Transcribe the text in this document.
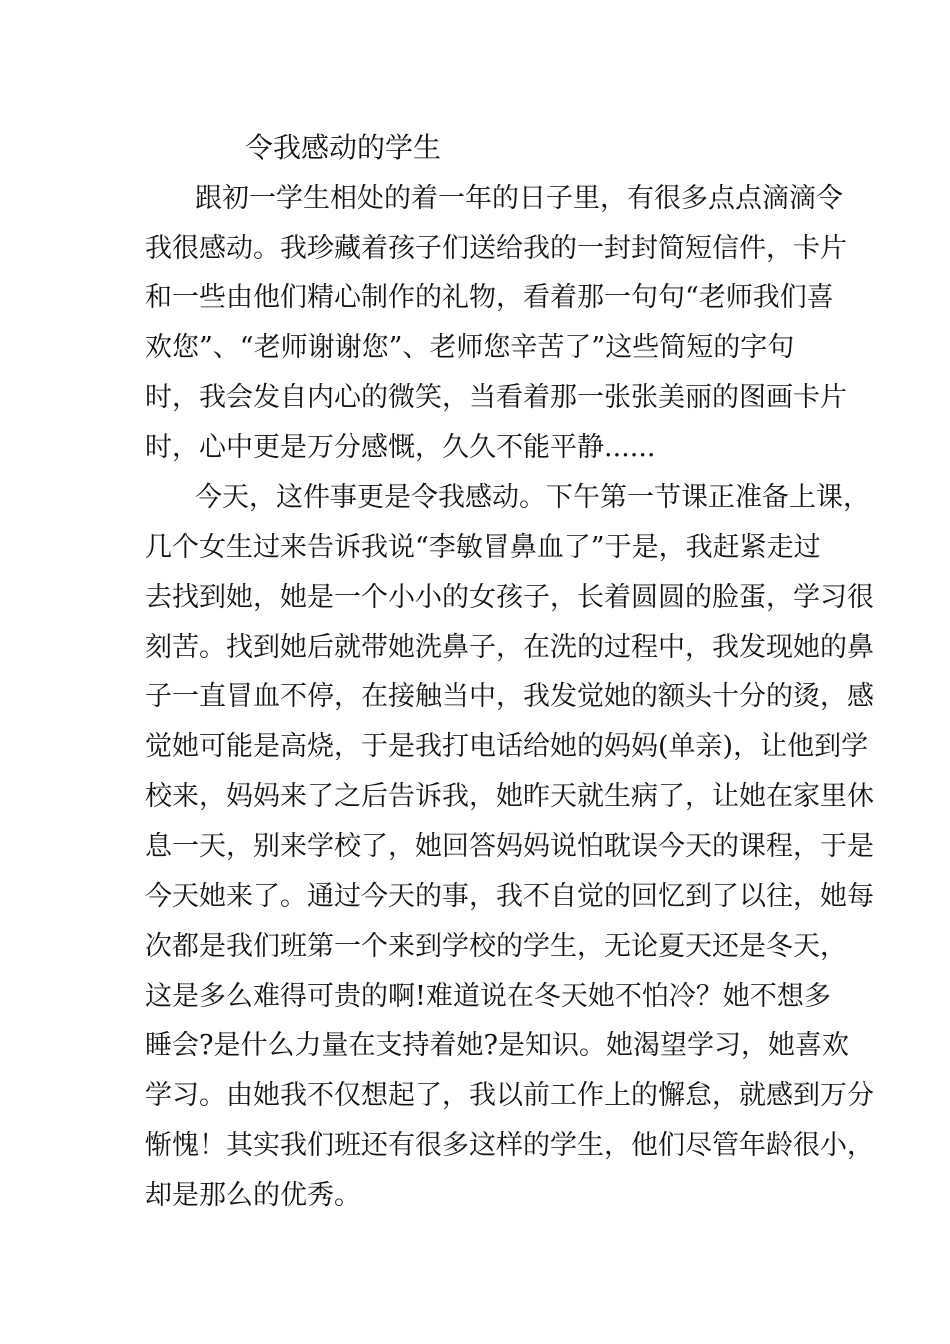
令我感动的学生

跟初一学生相处的着一年的日子里，有很多点点滴滴令

我很感动。我珍藏着孩子们送给我的一封封简短信件，卡片

和一些由他们精心制作的礼物，看着那一句句“老师我们喜

欢您”、“老师谢谢您”、老师您辛苦了”这些简短的字句

时，我会发自内心的微笑，当看着那一张张美丽的图画卡片

时，心中更是万分感慨，久久不能平静......

今天，这件事更是令我感动。下午第一节课正准备上课，

几个女生过来告诉我说“李敏冒鼻血了”于是，我赶紧走过

去找到她，她是一个小小的女孩子，长着圆圆的脸蛋，学习很

刻苦。找到她后就带她洗鼻子，在洗的过程中，我发现她的鼻

子一直冒血不停，在接触当中，我发觉她的额头十分的烫，感

觉她可能是高烧，于是我打电话给她的妈妈(单亲)，让他到学

校来，妈妈来了之后告诉我，她昨天就生病了，让她在家里休

息一天，别来学校了，她回答妈妈说怕耽误今天的课程，于是

今天她来了。通过今天的事，我不自觉的回忆到了以往，她每

次都是我们班第一个来到学校的学生，无论夏天还是冬天，

这是多么难得可贵的啊!难道说在冬天她不怕冷？她不想多

睡会?是什么力量在支持着她?是知识。她渴望学习，她喜欢

学习。由她我不仅想起了，我以前工作上的懈怠，就感到万分

惭愧！其实我们班还有很多这样的学生，他们尽管年龄很小，

却是那么的优秀。
